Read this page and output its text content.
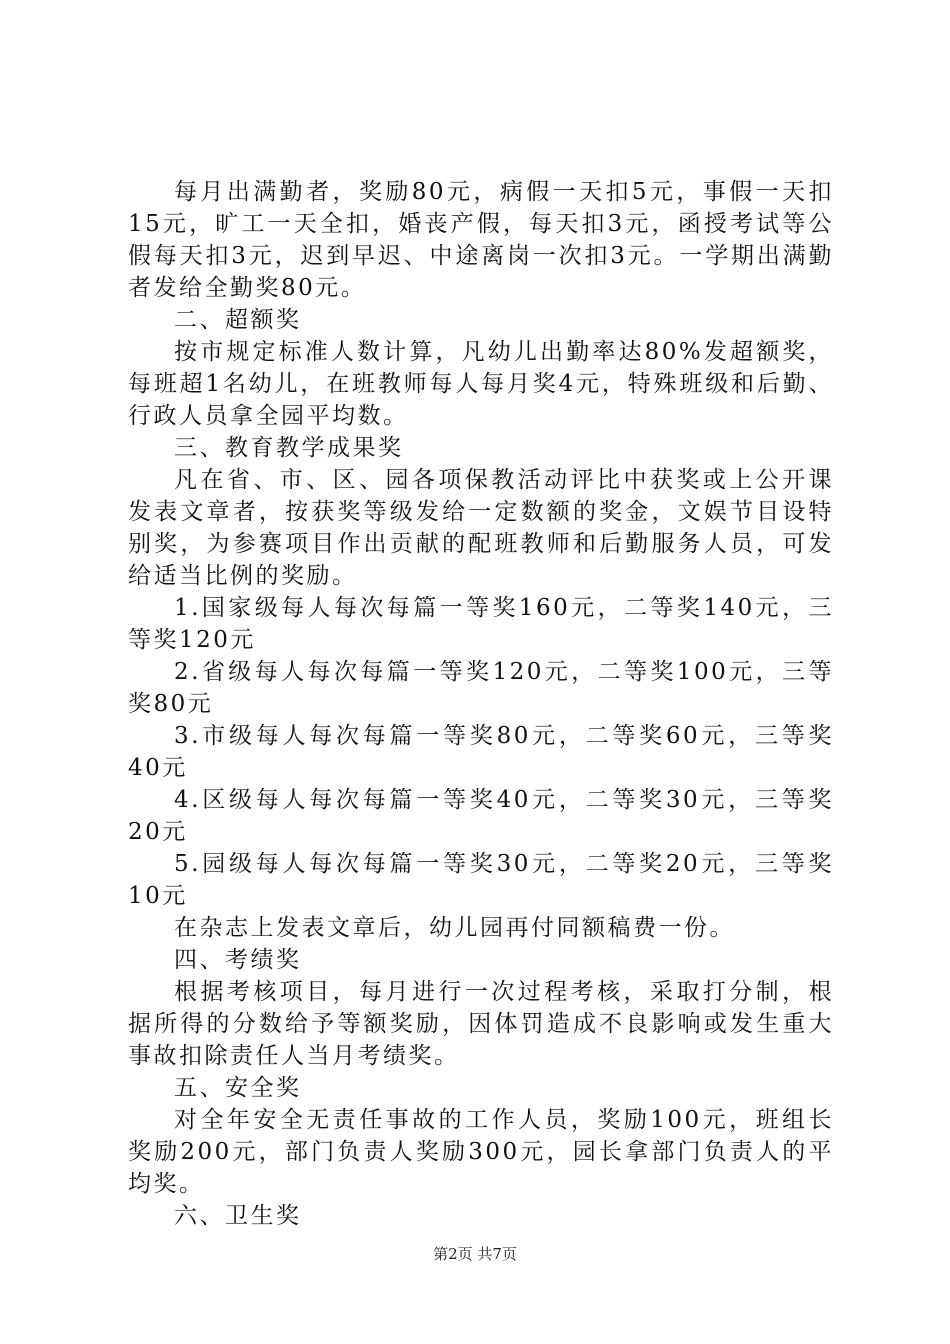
每月出满勤者，奖励80元，病假一天扣5元，事假一天扣15元，旷工一天全扣，婚丧产假，每天扣3元，函授考试等公假每天扣3元，迟到早迟、中途离岗一次扣3元。一学期出满勤者发给全勤奖80元。

二、超额奖

按市规定标准人数计算，凡幼儿出勤率达80%发超额奖，每班超1名幼儿，在班教师每人每月奖4元，特殊班级和后勤、行政人员拿全园平均数。

三、教育教学成果奖

凡在省、市、区、园各项保教活动评比中获奖或上公开课发表文章者，按获奖等级发给一定数额的奖金，文娱节目设特别奖，为参赛项目作出贡献的配班教师和后勤服务人员，可发给适当比例的奖励。

1.国家级每人每次每篇一等奖160元，二等奖140元，三等奖120元

2.省级每人每次每篇一等奖120元，二等奖100元，三等奖80元

3.市级每人每次每篇一等奖80元，二等奖60元，三等奖40元

4.区级每人每次每篇一等奖40元，二等奖30元，三等奖20元

5.园级每人每次每篇一等奖30元，二等奖20元，三等奖10元

在杂志上发表文章后，幼儿园再付同额稿费一份。

四、考绩奖

根据考核项目，每月进行一次过程考核，采取打分制，根据所得的分数给予等额奖励，因体罚造成不良影响或发生重大事故扣除责任人当月考绩奖。

五、安全奖

对全年安全无责任事故的工作人员，奖励100元，班组长奖励200元，部门负责人奖励300元，园长拿部门负责人的平均奖。

六、卫生奖

第2页 共7页
